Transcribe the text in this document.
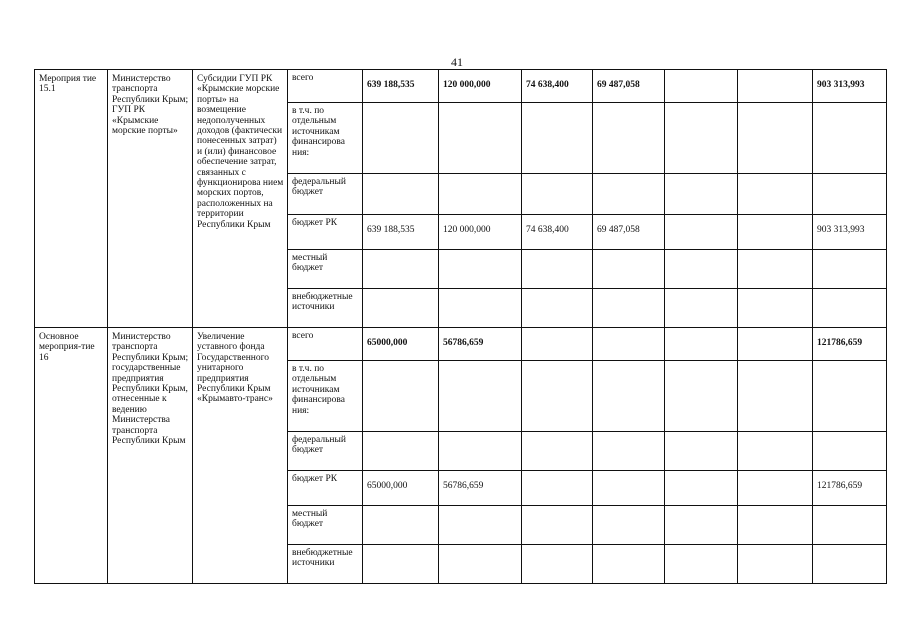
41
Мероприя тие 15.1	Министерство транспорта Республики Крым; ГУП РК «Крымские морские порты»	Субсидии ГУП РК «Крымские морские порты» на возмещение недополученных доходов (фактически понесенных затрат) и (или) финансовое обеспечение затрат, связанных с функционирова нием морских портов, расположенных на территории Республики Крым	всего	639 188,535	120 000,000	74 638,400	69 487,058			903 313,993
			в т.ч. по отдельным источникам финансирова ния:							
			федеральный бюджет							
			бюджет РК	639 188,535	120 000,000	74 638,400	69 487,058			903 313,993
			местный бюджет							
			внебюджетные источники							
Основное мероприя-тие 16	Министерство транспорта Республики Крым; государственные предприятия Республики Крым, отнесенные к ведению Министерства транспорта Республики Крым	Увеличение уставного фонда Государственного унитарного предприятия Республики Крым «Крымавто-транс»	всего	65000,000	56786,659					121786,659
			в т.ч. по отдельным источникам финансирова ния:							
			федеральный бюджет							
			бюджет РК	65000,000	56786,659					121786,659
			местный бюджет							
			внебюджетные источники							
